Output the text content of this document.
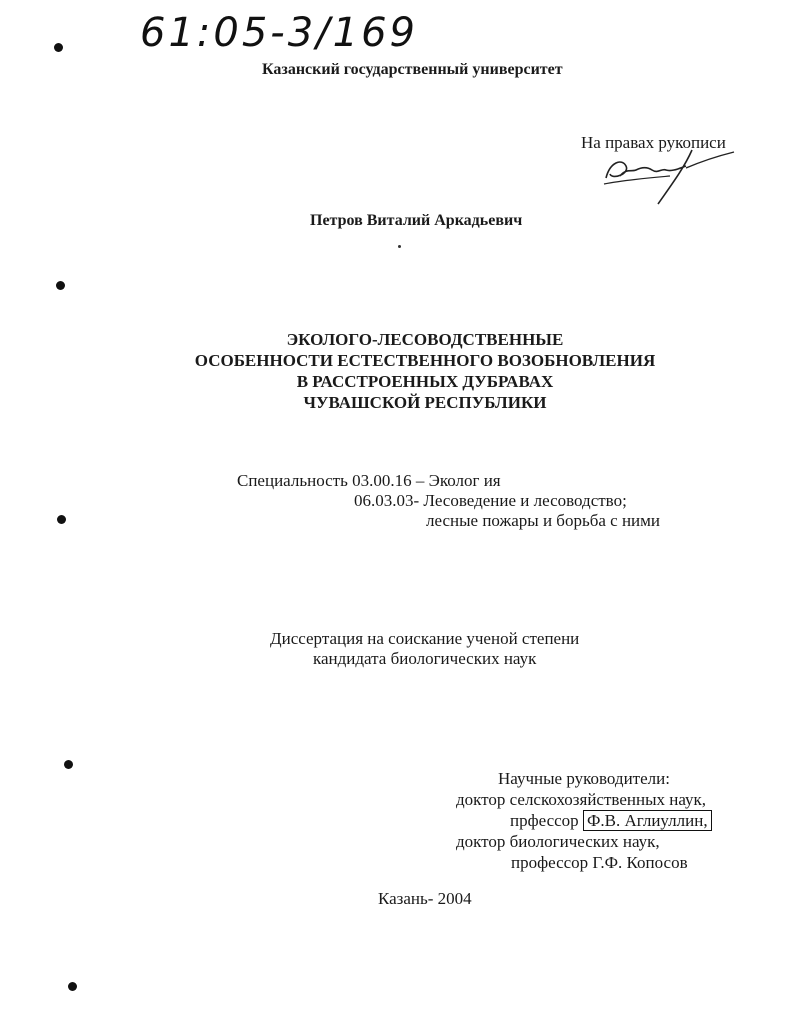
61:05-3/169
Казанский государственный университет
На правах рукописи
Петров Виталий Аркадьевич
ЭКОЛОГО-ЛЕСОВОДСТВЕННЫЕ
ОСОБЕННОСТИ ЕСТЕСТВЕННОГО ВОЗОБНОВЛЕНИЯ
В РАССТРОЕННЫХ ДУБРАВАХ
ЧУВАШСКОЙ РЕСПУБЛИКИ
Специальность 03.00.16 – Эколог ия
06.03.03- Лесоведение и лесоводство;
лесные пожары и борьба с ними
Диссертация на соискание ученой степени
кандидата биологических наук
Научные руководители:
доктор селскохозяйственных наук,
прфессор Ф.В. Аглиуллин,
доктор биологических наук,
профессор Г.Ф. Копосов
Казань- 2004
